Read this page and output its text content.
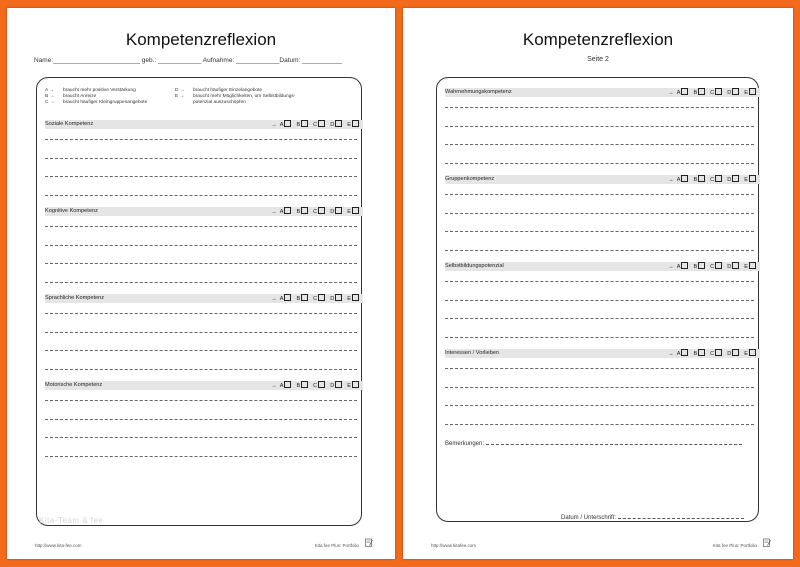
Kompetenzreflexion
Name:________________________ geb.: ____________ Aufnahme: ____________Datum: ___________
A → braucht mehr positive Verstärkung
B → braucht Anreize
C → braucht häufiger Kleingruppenangebote
D → braucht häufiger Einzelangebote
E → braucht mehr Möglichkeiten, um Selbstbildungs-
potenzial auszuschöpfen
Soziale Kompetenz	→ A B C D E
Kognitive Kompetenz	→ A B C D E
Sprachliche Kompetenz	→ A B C D E
Motorische Kompetenz	→ A B C D E
Kita-Team & fee
http://www.kita-fee.com	Kita fee Plus: Portfolio
Kompetenzreflexion
Seite 2
Wahrnehmungskompetenz	→ A B C D E
Gruppenkompetenz	→ A B C D E
Selbstbildungspotenzial	→ A B C D E
Interessen / Vorlieben	→ A B C D E
Bemerkungen:
Datum / Unterschrift:
http://www.kitafee.com	Kita fee Plus: Portfolio
